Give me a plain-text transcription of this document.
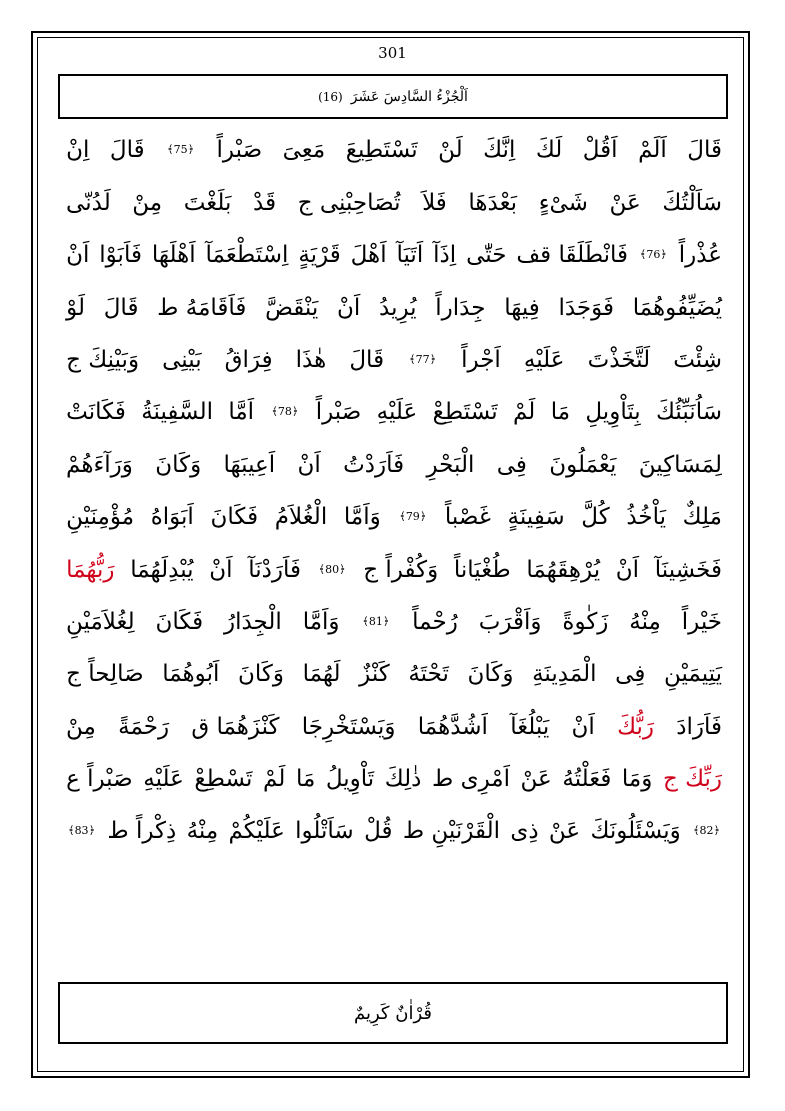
301
اَلْجُزْءُ السَّادِسَ عَشَرَ
(16)
قَالَ
اَلَمْ
اَقُلْ
لَكَ
اِنَّكَ
لَنْ
تَسْتَطِيعَ
مَعِىَ
صَبْراً
﴿75﴾
قَالَ
اِنْ
سَاَلْتُكَ
عَنْ
شَىْءٍ
بَعْدَهَا
فَلاَ
تُصَاحِبْنِى ج
قَدْ
بَلَغْتَ
مِنْ
لَدُنّى
عُذْراً
﴿76﴾
فَانْطَلَقَا قف
حَتّٰى
اِذَآ
اَتَيَآ
اَهْلَ
قَرْيَةٍ
اِسْتَطْعَمَآ
اَهْلَهَا
فَاَبَوْا
اَنْ
يُضَيِّفُوهُمَا
فَوَجَدَا
فِيهَا
جِدَاراً
يُرِيدُ
اَنْ
يَنْقَضَّ
فَاَقَامَهُ ط
قَالَ
لَوْ
شِئْتَ
لَتَّخَذْتَ
عَلَيْهِ
اَجْراً
﴿77﴾
قَالَ
هٰذَا
فِرَاقُ
بَيْنِى
وَبَيْنِكَ ج
سَاُنَبِّئُكَ
بِتَاْوِيلِ
مَا
لَمْ
تَسْتَطِعْ
عَلَيْهِ
صَبْراً
﴿78﴾
اَمَّا
السَّفِينَةُ
فَكَانَتْ
لِمَسَاكِينَ
يَعْمَلُونَ
فِى
الْبَحْرِ
فَاَرَدْتُ
اَنْ
اَعِيبَهَا
وَكَانَ
وَرَآءَهُمْ
مَلِكٌ
يَاْخُذُ
كُلَّ
سَفِينَةٍ
غَصْباً
﴿79﴾
وَاَمَّا
الْغُلاَمُ
فَكَانَ
اَبَوَاهُ
مُؤْمِنَيْنِ
فَخَشِينَآ
اَنْ
يُرْهِقَهُمَا
طُغْيَاناً
وَكُفْراً ج
﴿80﴾
فَاَرَدْنَآ
اَنْ
يُبْدِلَهُمَا
رَبُّهُمَا
خَيْراً
مِنْهُ
زَكٰوةً
وَاَقْرَبَ
رُحْماً
﴿81﴾
وَاَمَّا
الْجِدَارُ
فَكَانَ
لِغُلاَمَيْنِ
يَتِيمَيْنِ
فِى
الْمَدِينَةِ
وَكَانَ
تَحْتَهُ
كَنْزٌ
لَهُمَا
وَكَانَ
اَبُوهُمَا
صَالِحاً ج
فَاَرَادَ
رَبُّكَ
اَنْ
يَبْلُغَآ
اَشُدَّهُمَا
وَيَسْتَخْرِجَا
كَنْزَهُمَا ق
رَحْمَةً
مِنْ
رَبِّكَ ج
وَمَا
فَعَلْتُهُ
عَنْ
اَمْرِى ط
ذٰلِكَ
تَاْوِيلُ
مَا
لَمْ
تَسْطِعْ
عَلَيْهِ
صَبْراً ع
﴿82﴾
وَيَسْئَلُونَكَ
عَنْ
ذِى
الْقَرْنَيْنِ ط
قُلْ
سَاَتْلُوا
عَلَيْكُمْ
مِنْهُ
ذِكْراً ط
﴿83﴾
قُرْاٰنٌ كَرِيمٌ
